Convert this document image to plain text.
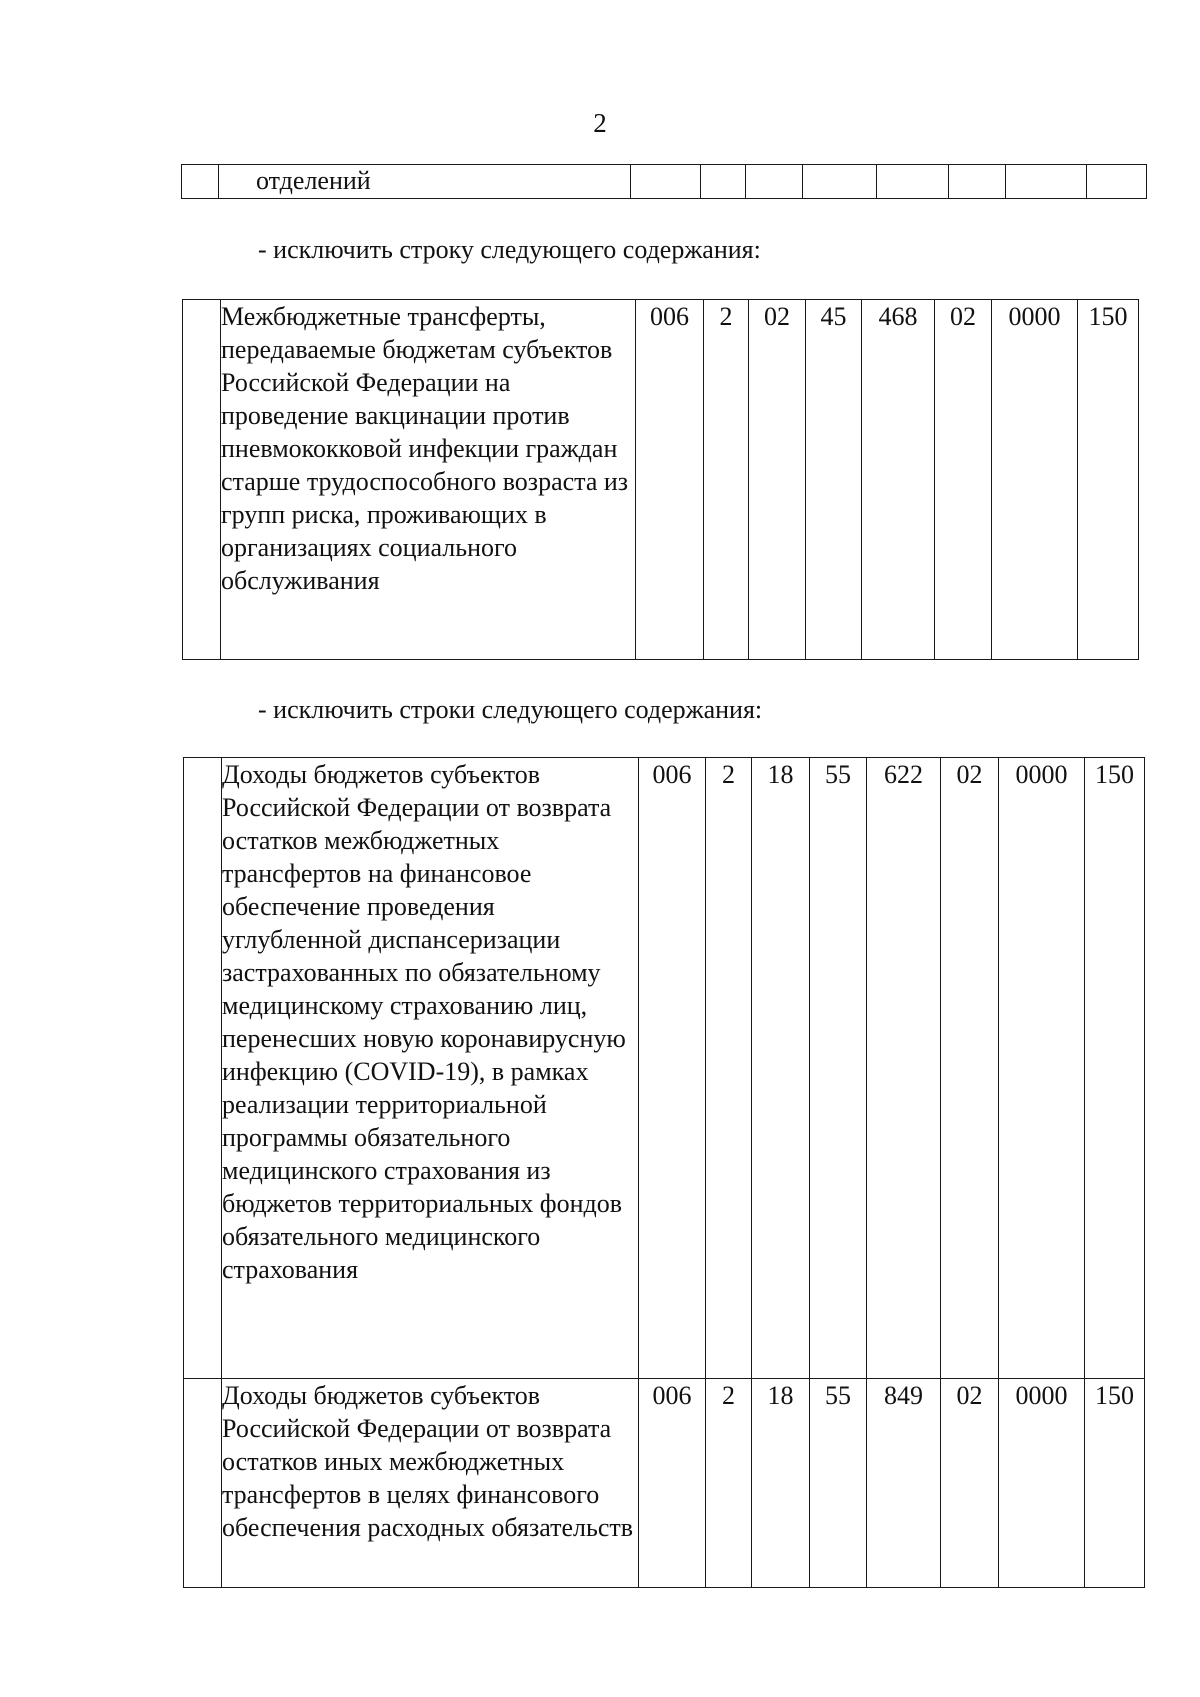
2
	отделений								
- исключить строку следующего содержания:
	Межбюджетные трансферты, передаваемые бюджетам субъектов Российской Федерации на проведение вакцинации против пневмококковой инфекции граждан старше трудоспособного возраста из групп риска, проживающих в организациях социального обслуживания	006	2	02	45	468	02	0000	150
- исключить строки следующего содержания:
	Доходы бюджетов субъектов Российской Федерации от возврата остатков межбюджетных трансфертов на финансовое обеспечение проведения углубленной диспансеризации застрахованных по обязательному медицинскому страхованию лиц, перенесших новую коронавирусную инфекцию (COVID-19), в рамках реализации территориальной программы обязательного медицинского страхования из бюджетов территориальных фондов обязательного медицинского страхования	006	2	18	55	622	02	0000	150
	Доходы бюджетов субъектов Российской Федерации от возврата остатков иных межбюджетных трансфертов в целях финансового обеспечения расходных обязательств	006	2	18	55	849	02	0000	150
